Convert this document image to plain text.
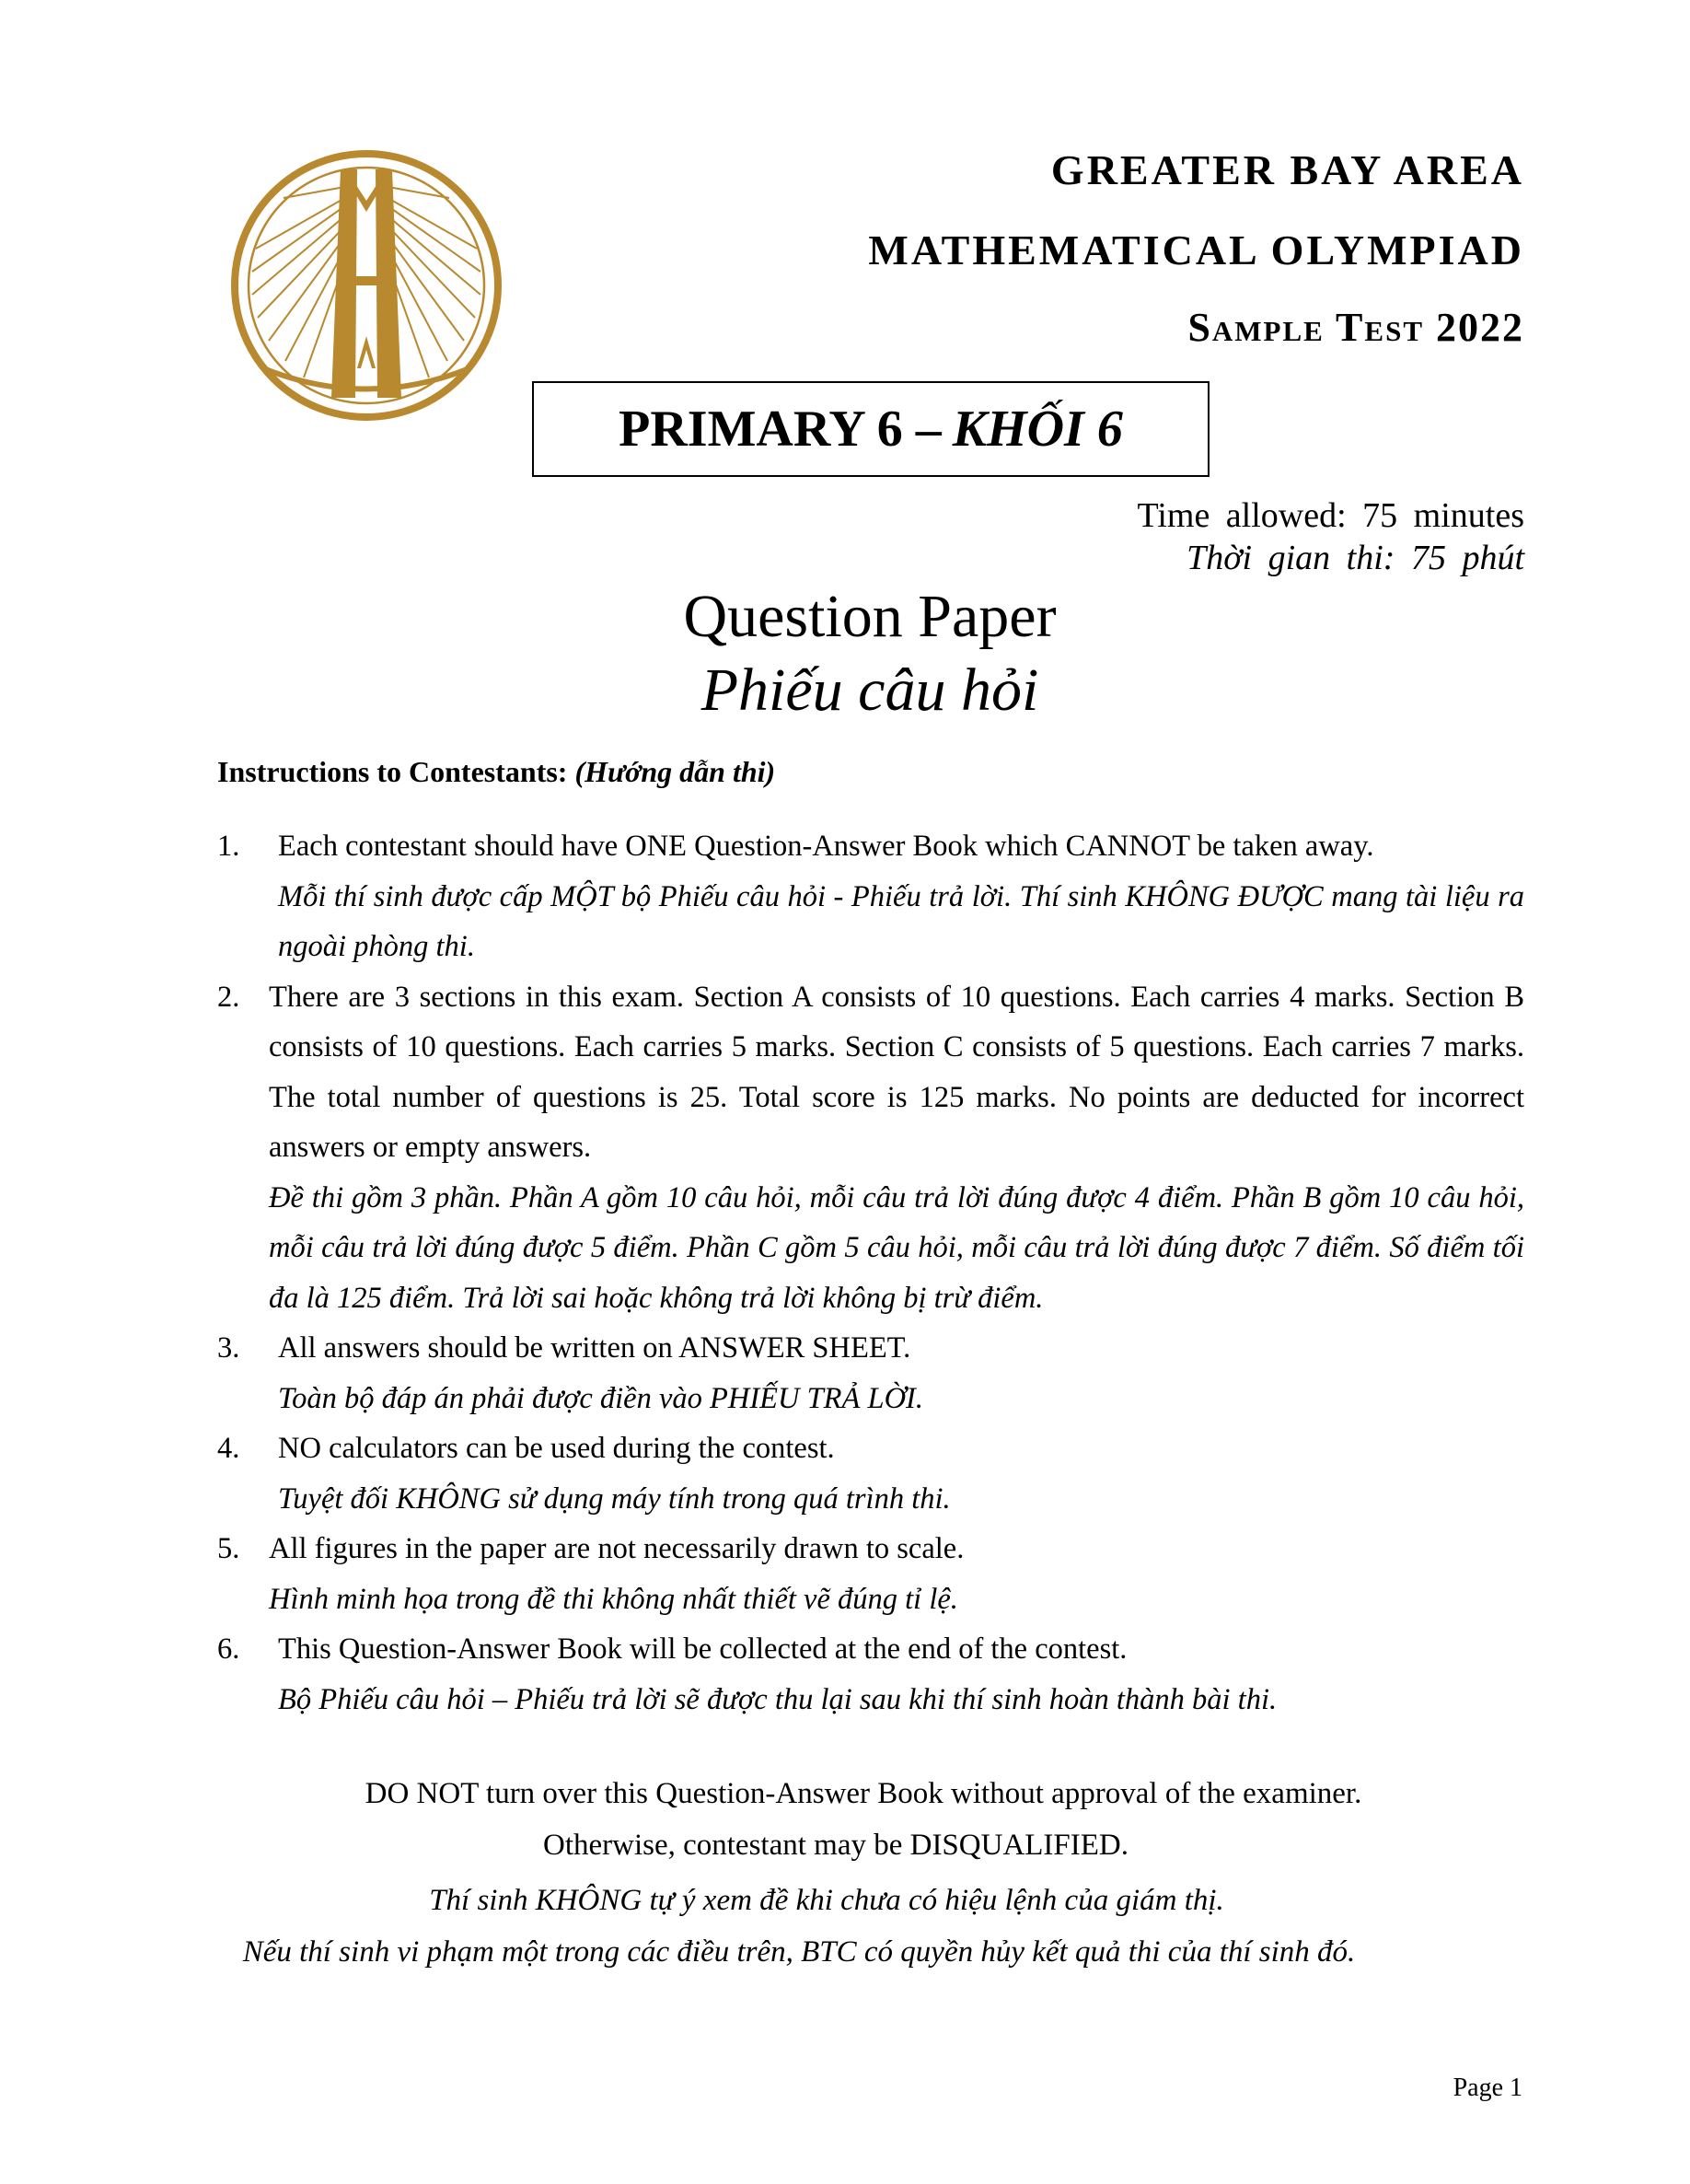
GREATER BAY AREA
MATHEMATICAL OLYMPIAD
Sample Test 2022
PRIMARY 6 – KHỐI 6
Time allowed: 75 minutes
Thời gian thi: 75 phút
Question Paper
Phiếu câu hỏi
Instructions to Contestants: (Hướng dẫn thi)
1.	Each contestant should have ONE Question-Answer Book which CANNOT be taken away.
Mỗi thí sinh được cấp MỘT bộ Phiếu câu hỏi - Phiếu trả lời. Thí sinh KHÔNG ĐƯỢC mang tài liệu ra ngoài phòng thi.
2. There are 3 sections in this exam. Section A consists of 10 questions. Each carries 4 marks. Section B consists of 10 questions. Each carries 5 marks. Section C consists of 5 questions. Each carries 7 marks. The total number of questions is 25. Total score is 125 marks. No points are deducted for incorrect answers or empty answers.
Đề thi gồm 3 phần. Phần A gồm 10 câu hỏi, mỗi câu trả lời đúng được 4 điểm. Phần B gồm 10 câu hỏi, mỗi câu trả lời đúng được 5 điểm. Phần C gồm 5 câu hỏi, mỗi câu trả lời đúng được 7 điểm. Số điểm tối đa là 125 điểm. Trả lời sai hoặc không trả lời không bị trừ điểm.
3.	All answers should be written on ANSWER SHEET.
Toàn bộ đáp án phải được điền vào PHIẾU TRẢ LỜI.
4.	NO calculators can be used during the contest.
Tuyệt đối KHÔNG sử dụng máy tính trong quá trình thi.
5. All figures in the paper are not necessarily drawn to scale.
Hình minh họa trong đề thi không nhất thiết vẽ đúng tỉ lệ.
6.	This Question-Answer Book will be collected at the end of the contest.
Bộ Phiếu câu hỏi – Phiếu trả lời sẽ được thu lại sau khi thí sinh hoàn thành bài thi.
DO NOT turn over this Question-Answer Book without approval of the examiner.
Otherwise, contestant may be DISQUALIFIED.
Thí sinh KHÔNG tự ý xem đề khi chưa có hiệu lệnh của giám thị.
Nếu thí sinh vi phạm một trong các điều trên, BTC có quyền hủy kết quả thi của thí sinh đó.
Page 1
